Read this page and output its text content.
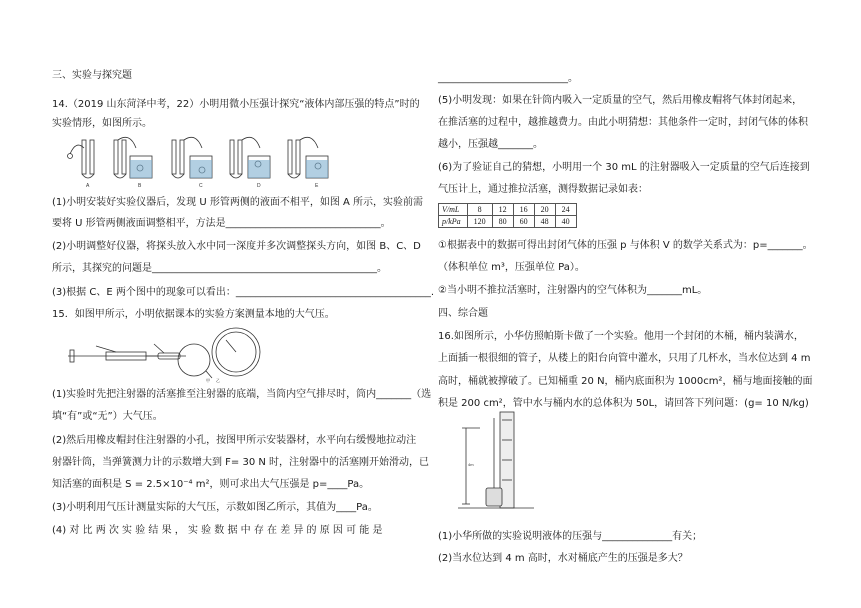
三、实验与探究题
14.（2019 山东菏泽中考，22）小明用微小压强计探究“液体内部压强的特点”时的
实验情形，如图所示。
A	B	C	D	E
(1)小明安装好实验仪器后，发现 U 形管两侧的液面不相平，如图 A 所示，实验前需
要将 U 形管两侧液面调整相平，方法是_______________________________。
(2)小明调整好仪器，将探头放入水中同一深度并多次调整探头方向，如图 B、C、D
所示，其探究的问题是_____________________________________________。
(3)根据 C、E 两个图中的现象可以看出：_______________________________________.
15．如图甲所示，小明依据课本的实验方案测量本地的大气压。
甲 乙
(1)实验时先把注射器的活塞推至注射器的底端，当筒内空气排尽时，筒内_______（选
填“有”或“无”）大气压。
(2)然后用橡皮帽封住注射器的小孔，按图甲所示安装器材，水平向右缓慢地拉动注
射器针筒，当弹簧测力计的示数增大到 F= 30 N 时，注射器中的活塞刚开始滑动，已
知活塞的面积是 S = 2.5×10⁻⁴ m²，则可求出大气压强是 p=____Pa。
(3)小明利用气压计测量实际的大气压，示数如图乙所示，其值为____Pa。
(4) 对 比 两 次 实 验 结 果 ， 实 验 数 据 中 存 在 差 异 的 原 因 可 能 是
__________________________。
(5)小明发现：如果在针筒内吸入一定质量的空气，然后用橡皮帽将气体封闭起来，
在推活塞的过程中，越推越费力。由此小明猜想：其他条件一定时，封闭气体的体积
越小，压强越_______。
(6)为了验证自己的猜想，小明用一个 30 mL 的注射器吸入一定质量的空气后连接到
气压计上，通过推拉活塞，测得数据记录如表：
V/mL	8	12	16	20	24
p/kPa	120	80	60	48	40
①根据表中的数据可得出封闭气体的压强 p 与体积 V 的数学关系式为：p=_______。
（体积单位 m³，压强单位 Pa）。
②当小明不推拉活塞时，注射器内的空气体积为_______mL。
四、综合题
16.如图所示，小华仿照帕斯卡做了一个实验。他用一个封闭的木桶，桶内装满水，
上面插一根很细的管子，从楼上的阳台向管中灌水，只用了几杯水，当水位达到 4 m
高时，桶就被撑破了。已知桶重 20 N，桶内底面积为 1000cm²，桶与地面接触的面
积是 200 cm²，管中水与桶内水的总体积为 50L，请回答下列问题：(g= 10 N/kg)
4m
(1)小华所做的实验说明液体的压强与______________有关；
(2)当水位达到 4 m 高时，水对桶底产生的压强是多大？
